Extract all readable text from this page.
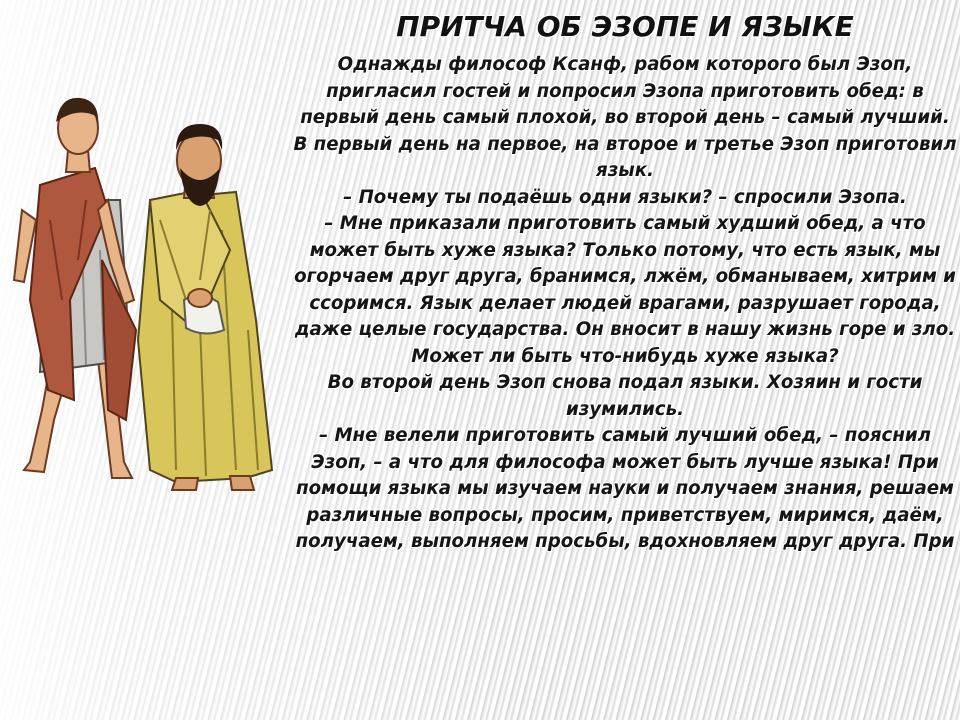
ПРИТЧА ОБ ЭЗОПЕ И ЯЗЫКЕ

Однажды философ Ксанф, рабом которого был Эзоп, пригласил гостей и попросил Эзопа приготовить обед: в первый день самый плохой, во второй день – самый лучший.

В первый день на первое, на второе и третье Эзоп приготовил язык.

– Почему ты подаёшь одни языки? – спросили Эзопа.

– Мне приказали приготовить самый худший обед, а что может быть хуже языка? Только потому, что есть язык, мы огорчаем друг друга, бранимся, лжём, обманываем, хитрим и ссоримся. Язык делает людей врагами, разрушает города, даже целые государства. Он вносит в нашу жизнь горе и зло. Может ли быть что-нибудь хуже языка?

Во второй день Эзоп снова подал языки. Хозяин и гости изумились.

– Мне велели приготовить самый лучший обед, – пояснил Эзоп, – а что для философа может быть лучше языка! При помощи языка мы изучаем науки и получаем знания, решаем различные вопросы, просим, приветствуем, миримся, даём, получаем, выполняем просьбы, вдохновляем друг друга. При
